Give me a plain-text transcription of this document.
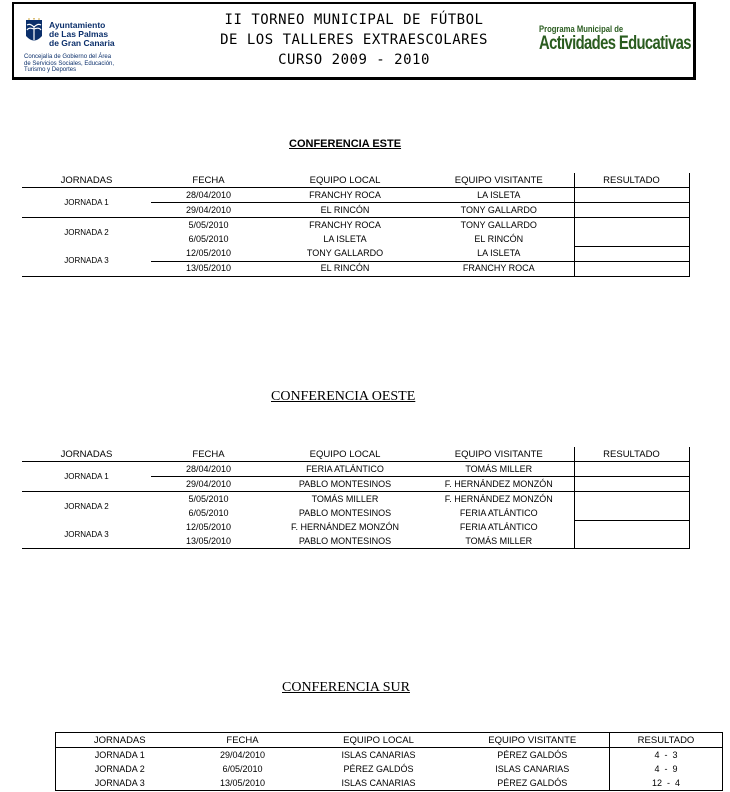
Ayuntamiento
de Las Palmas
de Gran Canaria
Concejalía de Gobierno del Área
de Servicios Sociales, Educación,
Turismo y Deportes
II TORNEO MUNICIPAL DE FÚTBOL
DE LOS TALLERES EXTRAESCOLARES
CURSO 2009 - 2010
Programa Municipal de
Actividades Educativas
CONFERENCIA ESTE
JORNADAS	FECHA	EQUIPO LOCAL	EQUIPO VISITANTE	RESULTADO
JORNADA 1	28/04/2010	FRANCHY ROCA	LA ISLETA	
	29/04/2010	EL RINCÓN	TONY GALLARDO	
JORNADA 2	5/05/2010	FRANCHY ROCA	TONY GALLARDO	
	6/05/2010	LA ISLETA	EL RINCÓN	
JORNADA 3	12/05/2010	TONY GALLARDO	LA ISLETA	
	13/05/2010	EL RINCÓN	FRANCHY ROCA	
CONFERENCIA OESTE
JORNADAS	FECHA	EQUIPO LOCAL	EQUIPO VISITANTE	RESULTADO
JORNADA 1	28/04/2010	FERIA ATLÁNTICO	TOMÁS MILLER	
	29/04/2010	PABLO MONTESINOS	F. HERNÁNDEZ MONZÓN	
JORNADA 2	5/05/2010	TOMÁS MILLER	F. HERNÁNDEZ MONZÓN	
	6/05/2010	PABLO MONTESINOS	FERIA ATLÁNTICO	
JORNADA 3	12/05/2010	F. HERNÁNDEZ MONZÓN	FERIA ATLÁNTICO	
	13/05/2010	PABLO MONTESINOS	TOMÁS MILLER	
CONFERENCIA SUR
JORNADAS	FECHA	EQUIPO LOCAL	EQUIPO VISITANTE	RESULTADO
JORNADA 1	29/04/2010	ISLAS CANARIAS	PÉREZ GALDÓS	4  -  3
JORNADA 2	6/05/2010	PÉREZ GALDÓS	ISLAS CANARIAS	4  -  9
JORNADA 3	13/05/2010	ISLAS CANARIAS	PÉREZ GALDÓS	12  -  4
